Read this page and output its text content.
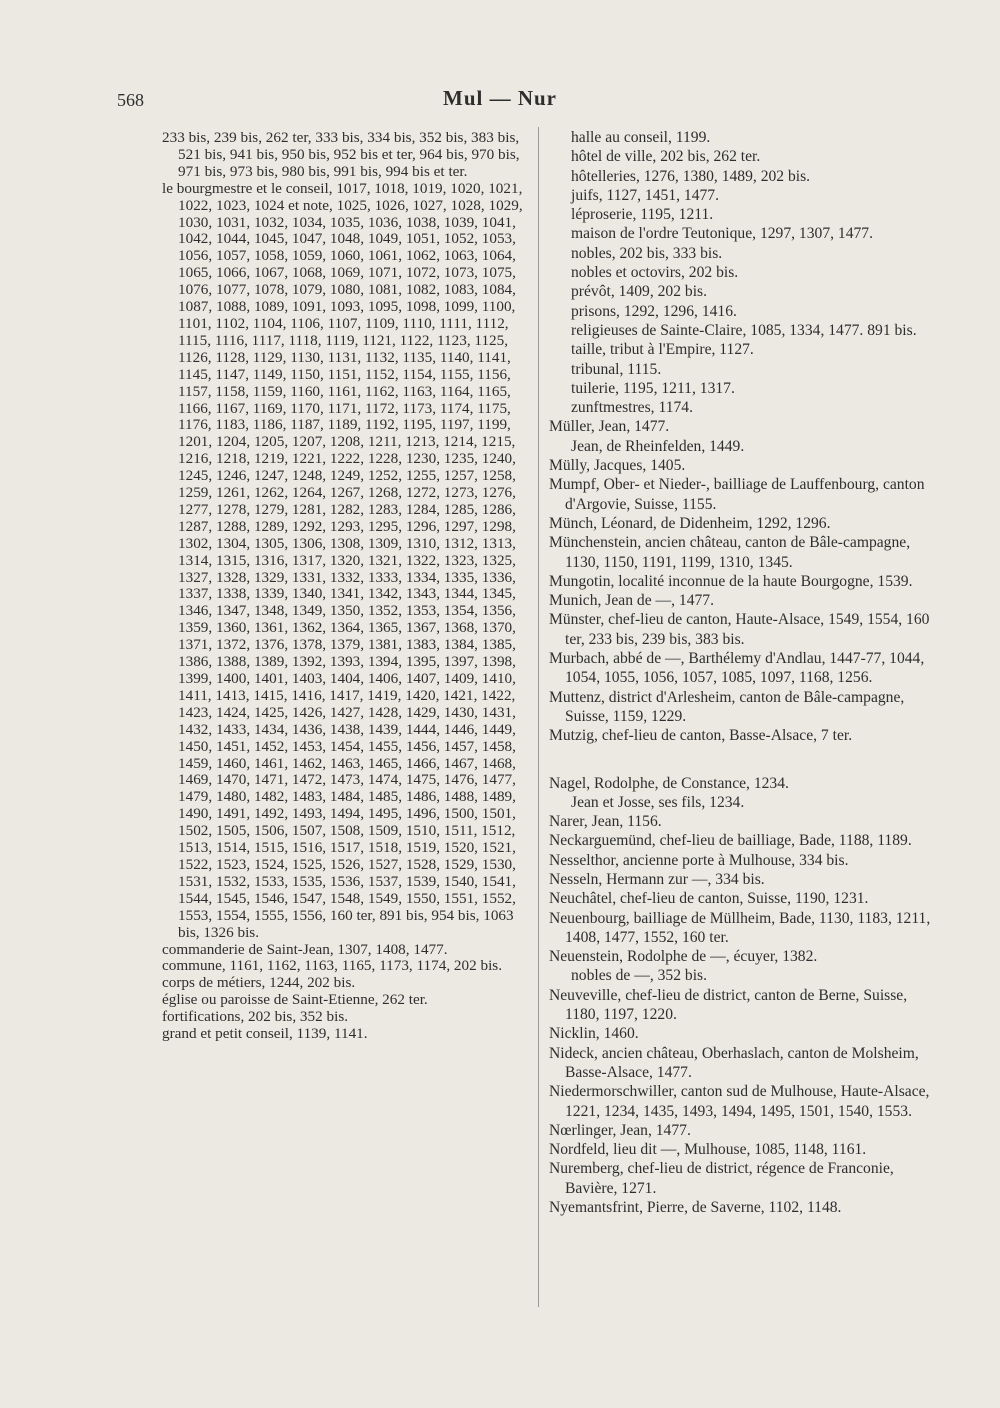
568	Mul — Nur

233 bis, 239 bis, 262 ter, 333 bis, 334 bis, 352 bis, 383 bis, 521 bis, 941 bis, 950 bis, 952 bis et ter, 964 bis, 970 bis, 971 bis, 973 bis, 980 bis, 991 bis, 994 bis et ter.

le bourgmestre et le conseil, 1017, 1018, 1019, 1020, 1021, 1022, 1023, 1024 et note, 1025, 1026, 1027, 1028, 1029, 1030, 1031, 1032, 1034, 1035, 1036, 1038, 1039, 1041, 1042, 1044, 1045, 1047, 1048, 1049, 1051, 1052, 1053, 1056, 1057, 1058, 1059, 1060, 1061, 1062, 1063, 1064, 1065, 1066, 1067, 1068, 1069, 1071, 1072, 1073, 1075, 1076, 1077, 1078, 1079, 1080, 1081, 1082, 1083, 1084, 1087, 1088, 1089, 1091, 1093, 1095, 1098, 1099, 1100, 1101, 1102, 1104, 1106, 1107, 1109, 1110, 1111, 1112, 1115, 1116, 1117, 1118, 1119, 1121, 1122, 1123, 1125, 1126, 1128, 1129, 1130, 1131, 1132, 1135, 1140, 1141, 1145, 1147, 1149, 1150, 1151, 1152, 1154, 1155, 1156, 1157, 1158, 1159, 1160, 1161, 1162, 1163, 1164, 1165, 1166, 1167, 1169, 1170, 1171, 1172, 1173, 1174, 1175, 1176, 1183, 1186, 1187, 1189, 1192, 1195, 1197, 1199, 1201, 1204, 1205, 1207, 1208, 1211, 1213, 1214, 1215, 1216, 1218, 1219, 1221, 1222, 1228, 1230, 1235, 1240, 1245, 1246, 1247, 1248, 1249, 1252, 1255, 1257, 1258, 1259, 1261, 1262, 1264, 1267, 1268, 1272, 1273, 1276, 1277, 1278, 1279, 1281, 1282, 1283, 1284, 1285, 1286, 1287, 1288, 1289, 1292, 1293, 1295, 1296, 1297, 1298, 1302, 1304, 1305, 1306, 1308, 1309, 1310, 1312, 1313, 1314, 1315, 1316, 1317, 1320, 1321, 1322, 1323, 1325, 1327, 1328, 1329, 1331, 1332, 1333, 1334, 1335, 1336, 1337, 1338, 1339, 1340, 1341, 1342, 1343, 1344, 1345, 1346, 1347, 1348, 1349, 1350, 1352, 1353, 1354, 1356, 1359, 1360, 1361, 1362, 1364, 1365, 1367, 1368, 1370, 1371, 1372, 1376, 1378, 1379, 1381, 1383, 1384, 1385, 1386, 1388, 1389, 1392, 1393, 1394, 1395, 1397, 1398, 1399, 1400, 1401, 1403, 1404, 1406, 1407, 1409, 1410, 1411, 1413, 1415, 1416, 1417, 1419, 1420, 1421, 1422, 1423, 1424, 1425, 1426, 1427, 1428, 1429, 1430, 1431, 1432, 1433, 1434, 1436, 1438, 1439, 1444, 1446, 1449, 1450, 1451, 1452, 1453, 1454, 1455, 1456, 1457, 1458, 1459, 1460, 1461, 1462, 1463, 1465, 1466, 1467, 1468, 1469, 1470, 1471, 1472, 1473, 1474, 1475, 1476, 1477, 1479, 1480, 1482, 1483, 1484, 1485, 1486, 1488, 1489, 1490, 1491, 1492, 1493, 1494, 1495, 1496, 1500, 1501, 1502, 1505, 1506, 1507, 1508, 1509, 1510, 1511, 1512, 1513, 1514, 1515, 1516, 1517, 1518, 1519, 1520, 1521, 1522, 1523, 1524, 1525, 1526, 1527, 1528, 1529, 1530, 1531, 1532, 1533, 1535, 1536, 1537, 1539, 1540, 1541, 1544, 1545, 1546, 1547, 1548, 1549, 1550, 1551, 1552, 1553, 1554, 1555, 1556, 160 ter, 891 bis, 954 bis, 1063 bis, 1326 bis.

commanderie de Saint-Jean, 1307, 1408, 1477.

commune, 1161, 1162, 1163, 1165, 1173, 1174, 202 bis.

corps de métiers, 1244, 202 bis.

église ou paroisse de Saint-Etienne, 262 ter.

fortifications, 202 bis, 352 bis.

grand et petit conseil, 1139, 1141.

halle au conseil, 1199.

hôtel de ville, 202 bis, 262 ter.

hôtelleries, 1276, 1380, 1489, 202 bis.

juifs, 1127, 1451, 1477.

léproserie, 1195, 1211.

maison de l'ordre Teutonique, 1297, 1307, 1477.

nobles, 202 bis, 333 bis.

nobles et octovirs, 202 bis.

prévôt, 1409, 202 bis.

prisons, 1292, 1296, 1416.

religieuses de Sainte-Claire, 1085, 1334, 1477. 891 bis.

taille, tribut à l'Empire, 1127.

tribunal, 1115.

tuilerie, 1195, 1211, 1317.

zunftmestres, 1174.

Müller, Jean, 1477.

Jean, de Rheinfelden, 1449.

Mülly, Jacques, 1405.

Mumpf, Ober- et Nieder-, bailliage de Lauffenbourg, canton d'Argovie, Suisse, 1155.

Münch, Léonard, de Didenheim, 1292, 1296.

Münchenstein, ancien château, canton de Bâle-campagne, 1130, 1150, 1191, 1199, 1310, 1345.

Mungotin, localité inconnue de la haute Bourgogne, 1539.

Munich, Jean de —, 1477.

Münster, chef-lieu de canton, Haute-Alsace, 1549, 1554, 160 ter, 233 bis, 239 bis, 383 bis.

Murbach, abbé de —, Barthélemy d'Andlau, 1447-77, 1044, 1054, 1055, 1056, 1057, 1085, 1097, 1168, 1256.

Muttenz, district d'Arlesheim, canton de Bâle-campagne, Suisse, 1159, 1229.

Mutzig, chef-lieu de canton, Basse-Alsace, 7 ter.

Nagel, Rodolphe, de Constance, 1234.

Jean et Josse, ses fils, 1234.

Narer, Jean, 1156.

Neckarguemünd, chef-lieu de bailliage, Bade, 1188, 1189.

Nesselthor, ancienne porte à Mulhouse, 334 bis.

Nesseln, Hermann zur —, 334 bis.

Neuchâtel, chef-lieu de canton, Suisse, 1190, 1231.

Neuenbourg, bailliage de Müllheim, Bade, 1130, 1183, 1211, 1408, 1477, 1552, 160 ter.

Neuenstein, Rodolphe de —, écuyer, 1382.

nobles de —, 352 bis.

Neuveville, chef-lieu de district, canton de Berne, Suisse, 1180, 1197, 1220.

Nicklin, 1460.

Nideck, ancien château, Oberhaslach, canton de Molsheim, Basse-Alsace, 1477.

Niedermorschwiller, canton sud de Mulhouse, Haute-Alsace, 1221, 1234, 1435, 1493, 1494, 1495, 1501, 1540, 1553.

Nœrlinger, Jean, 1477.

Nordfeld, lieu dit —, Mulhouse, 1085, 1148, 1161.

Nuremberg, chef-lieu de district, régence de Franconie, Bavière, 1271.

Nyemantsfrint, Pierre, de Saverne, 1102, 1148.
